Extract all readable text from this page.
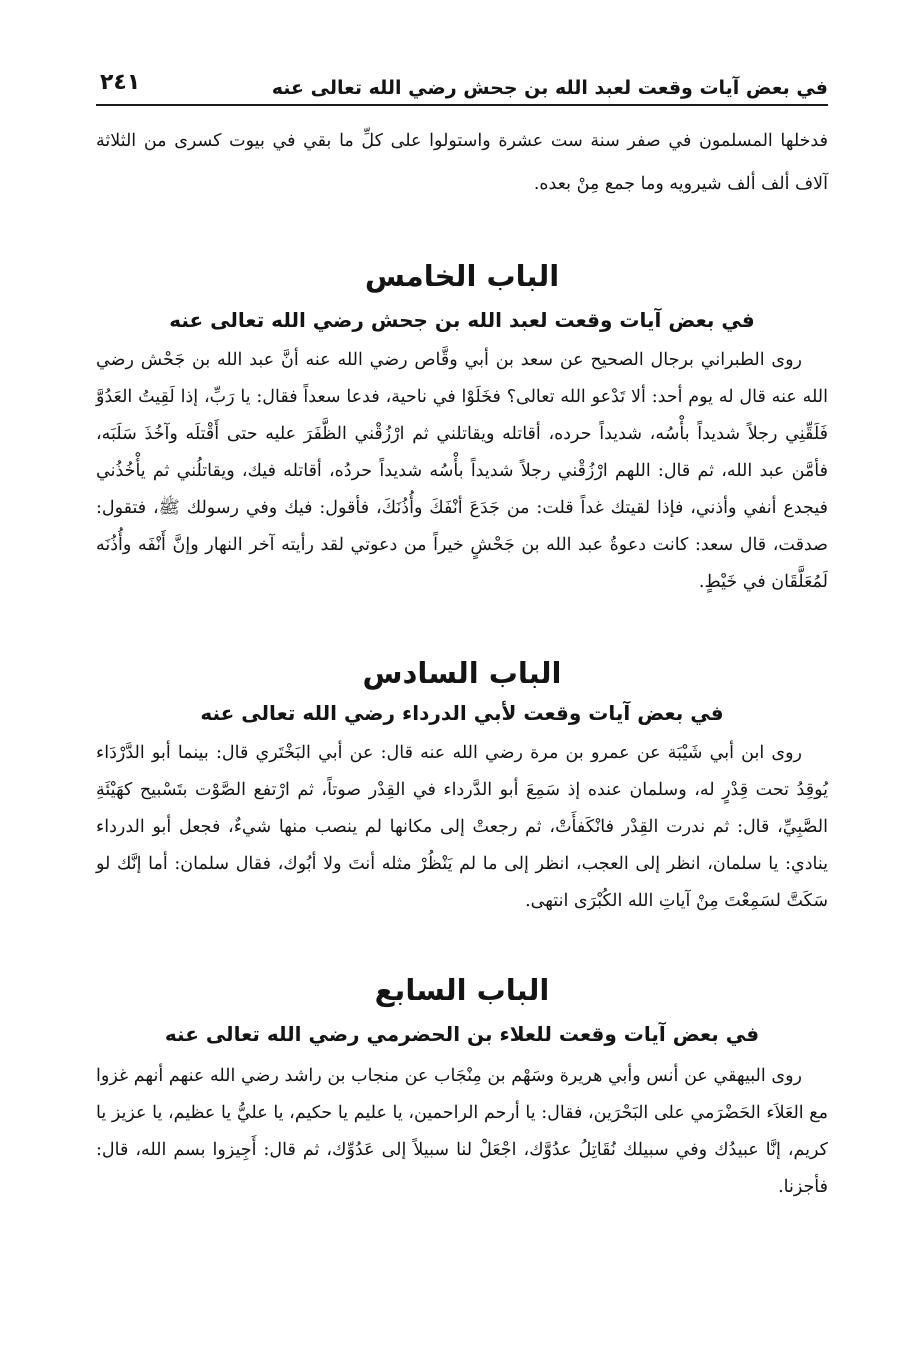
في بعض آيات وقعت لعبد الله بن جحش رضي الله تعالى عنه
٢٤١

فدخلها المسلمون في صفر سنة ست عشرة واستولوا على كلِّ ما بقي في بيوت كسرى من الثلاثة آلاف ألف ألف شيرويه وما جمع مِنْ بعده.

الباب الخامس
في بعض آيات وقعت لعبد الله بن جحش رضي الله تعالى عنه

روى الطبراني برجال الصحيح عن سعد بن أبي وقَّاص رضي الله عنه أنَّ عبد الله بن جَحْش رضي الله عنه قال له يوم أحد: ألا تَدْعو الله تعالى؟ فخَلَوْا في ناحية، فدعا سعداً فقال: يا رَبِّ، إذا لَقِيتُ العَدُوَّ فَلَقِّنِي رجلاً شديداً بأْسُه، شديداً حرده، أقاتله ويقاتلني ثم ارْزُقْني الظَّفَرَ عليه حتى أَقْتلَه وآخُذَ سَلَبَه، فأمَّن عبد الله، ثم قال: اللهم ارْزُقْني رجلاً شديداً بأْسُه شديداً حردُه، أقاتله فيك، ويقاتلُني ثم يأْخُذُني فيجدع أنفي وأذني، فإذا لقيتك غداً قلت: من جَدَعَ أنْفَكَ وأُذُنَكَ، فأقول: فيك وفي رسولك ﷺ، فتقول: صدقت، قال سعد: كانت دعوةُ عبد الله بن جَحْشٍ خيراً من دعوتي لقد رأيته آخر النهار وإنَّ أَنْفَه وأُذُنَه لَمُعَلَّقَان في خَيْطٍ.

الباب السادس
في بعض آيات وقعت لأبي الدرداء رضي الله تعالى عنه

روى ابن أبي شَيْبَة عن عمرو بن مرة رضي الله عنه قال: عن أبي البَخْتَري قال: بينما أبو الدَّرْدَاء يُوقِدُ تحت قِدْرٍ له، وسلمان عنده إذ سَمِعَ أبو الدَّرداء في القِدْر صوتاً، ثم ارْتفع الصَّوْت بتَسْبيح كهَيْئَةِ الصَّبِيِّ، قال: ثم ندرت القِدْر فانْكَفأَتْ، ثم رجعتْ إلى مكانها لم ينصب منها شيءٌ، فجعل أبو الدرداء ينادي: يا سلمان، انظر إلى العجب، انظر إلى ما لم يَنْظُرْ مثله أنتَ ولا أبُوك، فقال سلمان: أما إنَّك لو سَكَتَّ لسَمِعْتَ مِنْ آياتِ الله الكُبْرَى انتهى.

الباب السابع
في بعض آيات وقعت للعلاء بن الحضرمي رضي الله تعالى عنه

روى البيهقي عن أنس وأبي هريرة وسَهْم بن مِنْجَاب عن منجاب بن راشد رضي الله عنهم أنهم غزوا مع العَلاَء الحَضْرَمي على البَحْرَين، فقال: يا أرحم الراحمين، يا عليم يا حكيم، يا عليُّ يا عظيم، يا عزيز يا كريم، إنَّا عبيدُك وفي سبيلك نُقَاتِلُ عدُوَّك، اجْعَلْ لنا سبيلاً إلى عَدُوِّك، ثم قال: أَجِيزوا بسم الله، قال: فأجزنا.
